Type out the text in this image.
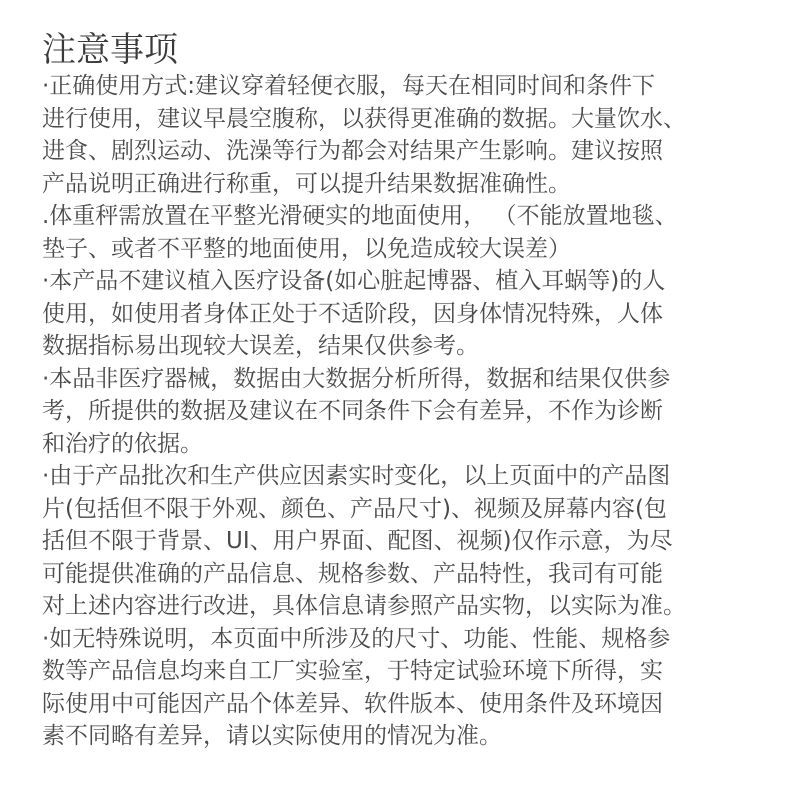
注意事项
·正确使用方式:建议穿着轻便衣服，每天在相同时间和条件下
进行使用，建议早晨空腹称，以获得更准确的数据。大量饮水、
进食、剧烈运动、洗澡等行为都会对结果产生影响。建议按照
产品说明正确进行称重，可以提升结果数据准确性。
.体重秤需放置在平整光滑硬实的地面使用， （不能放置地毯、
垫子、或者不平整的地面使用，以免造成较大误差）
·本产品不建议植入医疗设备(如心脏起博器、植入耳蜗等)的人
使用，如使用者身体正处于不适阶段，因身体情况特殊，人体
数据指标易出现较大误差，结果仅供参考。
·本品非医疗器械，数据由大数据分析所得，数据和结果仅供参
考，所提供的数据及建议在不同条件下会有差异，不作为诊断
和治疗的依据。
·由于产品批次和生产供应因素实时变化，以上页面中的产品图
片(包括但不限于外观、颜色、产品尺寸)、视频及屏幕内容(包
括但不限于背景、UI、用户界面、配图、视频)仅作示意，为尽
可能提供准确的产品信息、规格参数、产品特性，我司有可能
对上述内容进行改进，具体信息请参照产品实物，以实际为准。
·如无特殊说明，本页面中所涉及的尺寸、功能、性能、规格参
数等产品信息均来自工厂实验室，于特定试验环境下所得，实
际使用中可能因产品个体差异、软件版本、使用条件及环境因
素不同略有差异，请以实际使用的情况为准。
